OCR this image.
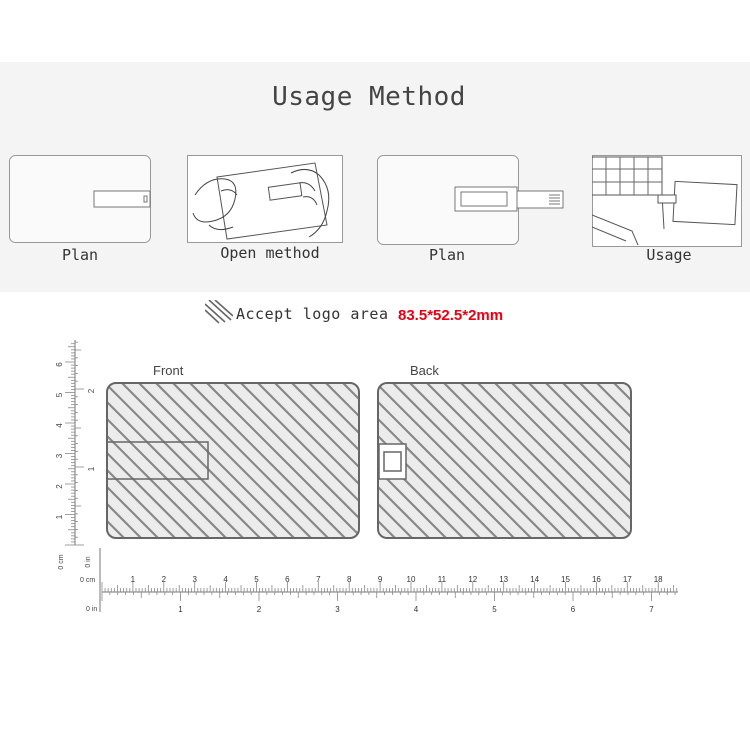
Usage Method
Plan	Open method	Plan	Usage
Accept logo area 83.5*52.5*2mm
Front	Back
1
2
3
4
5
6
1
2
0 cm	0 in
1	2	3	4	5	6	7	8	9	10	11	12	13	14	15	16	17	18
1	2	3	4	5	6	7
0 cm
0 in
